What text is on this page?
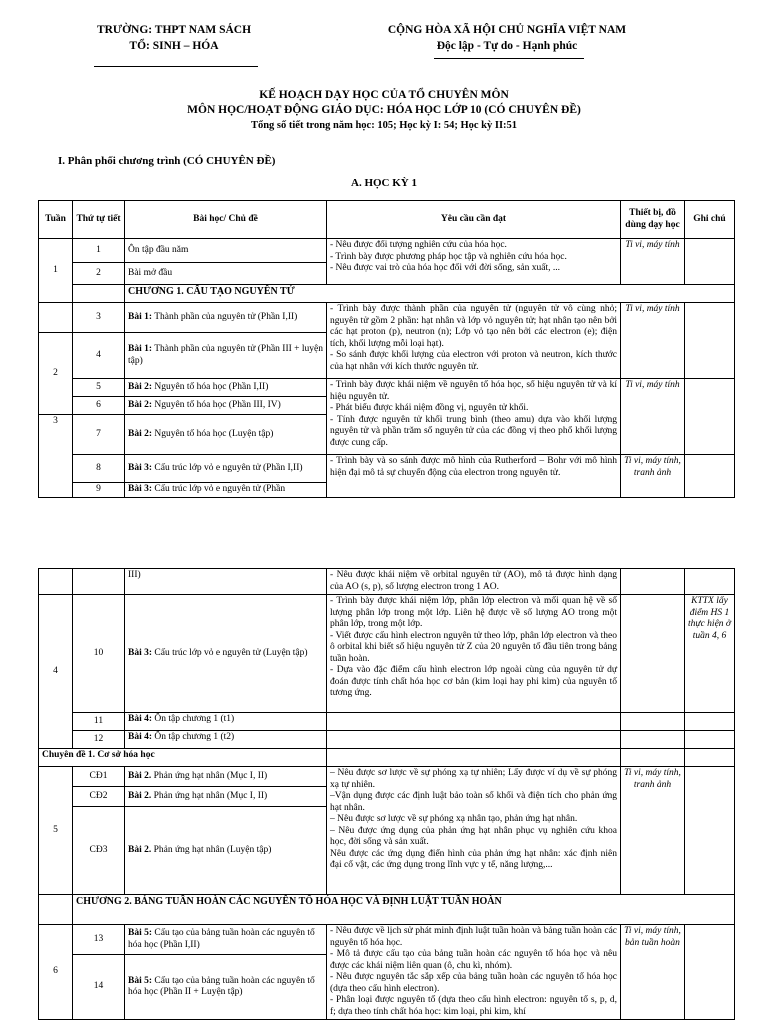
TRƯỜNG: THPT NAM SÁCH
TỔ: SINH – HÓA
CỘNG HÒA XÃ HỘI CHỦ NGHĨA VIỆT NAM
Độc lập - Tự do - Hạnh phúc
KẾ HOẠCH DẠY HỌC CỦA TỔ CHUYÊN MÔN
MÔN HỌC/HOẠT ĐỘNG GIÁO DỤC: HÓA HỌC LỚP 10 (CÓ CHUYÊN ĐỀ)
Tổng số tiết trong năm học: 105; Học kỳ I: 54; Học kỳ II:51
I. Phân phối chương trình (CÓ CHUYÊN ĐỀ)
A. HỌC KỲ 1
Tuần	Thứ tự tiết	Bài học/ Chủ đề	Yêu cầu cần đạt	Thiết bị, đồ dùng dạy học	Ghi chú
1	1	Ôn tập đầu năm	- Nêu được đối tượng nghiên cứu của hóa học.
- Trình bày được phương pháp học tập và nghiên cứu hóa học.
- Nêu được vai trò của hóa học đối với đời sống, sản xuất, ...	Ti vi, máy tính	
	2	Bài mở đầu			
		CHƯƠNG 1. CẤU TẠO NGUYÊN TỬ			
	3	Bài 1: Thành phần của nguyên tử (Phần I,II)	- Trình bày được thành phần của nguyên tử (nguyên tử vô cùng nhỏ; nguyên tử gồm 2 phần: hạt nhân và lớp vỏ nguyên tử; hạt nhân tạo nên bởi các hạt proton (p), neutron (n); Lớp vỏ tạo nên bởi các electron (e); điện tích, khối lượng mỗi loại hạt).
- So sánh được khối lượng của electron với proton và neutron, kích thước của hạt nhân với kích thước nguyên tử.	Ti vi, máy tính	
2	4	Bài 1: Thành phần của nguyên tử (Phần III + luyện tập)			
	5	Bài 2: Nguyên tố hóa học (Phần I,II)	- Trình bày được khái niệm về nguyên tố hóa học, số hiệu nguyên tử và kí hiệu nguyên tử.
- Phát biểu được khái niệm đồng vị, nguyên tử khối.
- Tính được nguyên tử khối trung bình (theo amu) dựa vào khối lượng nguyên tử và phần trăm số nguyên tử của các đồng vị theo phổ khối lượng được cung cấp.	Ti vi, máy tính	
	6	Bài 2: Nguyên tố hóa học (Phần III, IV)			
3	7	Bài 2: Nguyên tố hóa học (Luyện tập)			
	8	Bài 3: Cấu trúc lớp vỏ e nguyên tử (Phần I,II)	- Trình bày và so sánh được mô hình của Rutherford – Bohr với mô hình hiện đại mô tả sự chuyển động của electron trong nguyên tử.	Ti vi, máy tính, tranh ảnh	
	9	Bài 3: Cấu trúc lớp vỏ e nguyên tử (Phần			
		III)	- Nêu được khái niệm về orbital nguyên tử (AO), mô tả được hình dạng của AO (s, p), số lượng electron trong 1 AO.		
4	10	Bài 3: Cấu trúc lớp vỏ e nguyên tử (Luyện tập)	- Trình bày được khái niệm lớp, phân lớp electron và mối quan hệ về số lượng phân lớp trong một lớp. Liên hệ được về số lượng AO trong một phân lớp, trong một lớp.
- Viết được cấu hình electron nguyên tử theo lớp, phân lớp electron và theo ô orbital khi biết số hiệu nguyên tử Z của 20 nguyên tố đầu tiên trong bảng tuần hoàn.
- Dựa vào đặc điểm cấu hình electron lớp ngoài cùng của nguyên tử dự đoán được tính chất hóa học cơ bản (kim loại hay phi kim) của nguyên tố tương ứng.		KTTX lấy điểm HS 1 thực hiện ở tuần 4, 6
	11	Bài 4: Ôn tập chương 1 (t1)			
	12	Bài 4: Ôn tập chương 1 (t2)			
Chuyên đề 1. Cơ sở hóa học					
5	CĐ1	Bài 2. Phản ứng hạt nhân (Mục I, II)	– Nêu được sơ lược về sự phóng xạ tự nhiên; Lấy được ví dụ về sự phóng xạ tự nhiên.
–Vận dụng được các định luật bảo toàn số khối và điện tích cho phản ứng hạt nhân.
– Nêu được sơ lược về sự phóng xạ nhân tạo, phản ứng hạt nhân.
– Nêu được ứng dụng của phản ứng hạt nhân phục vụ nghiên cứu khoa học, đời sống và sản xuất.
Nêu được các ứng dụng điển hình của phản ứng hạt nhân: xác định niên đại cổ vật, các ứng dụng trong lĩnh vực y tế, năng lượng,...	Ti vi, máy tính, tranh ảnh	
	CĐ2	Bài 2. Phản ứng hạt nhân (Mục I, II)			
	CĐ3	Bài 2. Phản ứng hạt nhân (Luyện tập)			
	CHƯƠNG 2. BẢNG TUẦN HOÀN CÁC NGUYÊN TỐ HÓA HỌC VÀ ĐỊNH LUẬT TUẦN HOÀN				
6	13	Bài 5: Cấu tạo của bảng tuần hoàn các nguyên tố hóa học (Phần I,II)	- Nêu được về lịch sử phát minh định luật tuần hoàn và bảng tuần hoàn các nguyên tố hóa học.
- Mô tả được cấu tạo của bảng tuần hoàn các nguyên tố hóa học và nêu được các khái niệm liên quan (ô, chu kì, nhóm).
- Nêu được nguyên tắc sắp xếp của bảng tuần hoàn các nguyên tố hóa học (dựa theo cấu hình electron).
- Phân loại được nguyên tố (dựa theo cấu hình electron: nguyên tố s, p, d, f; dựa theo tính chất hóa học: kim loại, phi kim, khí	Ti vi, máy tính, bản tuần hoàn	
	14	Bài 5: Cấu tạo của bảng tuần hoàn các nguyên tố hóa học (Phần II + Luyện tập)			
